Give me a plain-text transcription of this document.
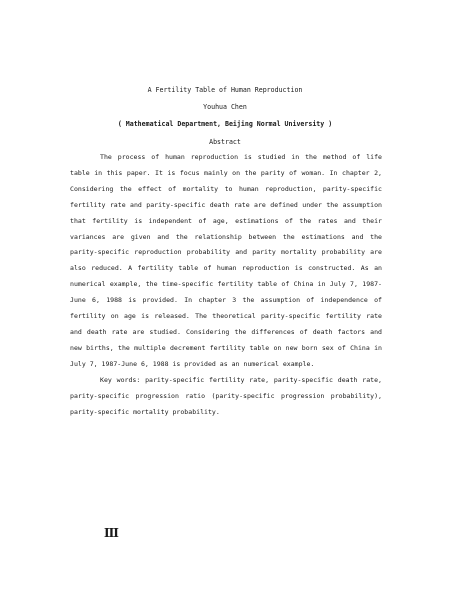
A Fertility Table of Human Reproduction
Youhua Chen
( Mathematical Department, Beijing Normal University )
Abstract

The process of human reproduction is studied in the method of life table in this paper. It is focus mainly on the parity of woman. In chapter 2, Considering the effect of mortality to human reproduction, parity-specific fertility rate and parity-specific death rate are defined under the assumption that fertility is independent of age, estimations of the rates and their variances are given and the relationship between the estimations and the parity-specific reproduction probability and parity mortality probability are also reduced. A fertility table of human reproduction is constructed. As an numerical example, the time-specific fertility table of China in July 7, 1987-June 6, 1988 is provided. In chapter 3 the assumption of independence of fertility on age is released. The theoretical parity-specific fertility rate and death rate are studied. Considering the differences of death factors and new births, the multiple decrement fertility table on new born sex of China in July 7, 1987-June 6, 1988 is provided as an numerical example.

Key words: parity-specific fertility rate, parity-specific death rate, parity-specific progression ratio (parity-specific progression probability), parity-specific mortality probability.

III
